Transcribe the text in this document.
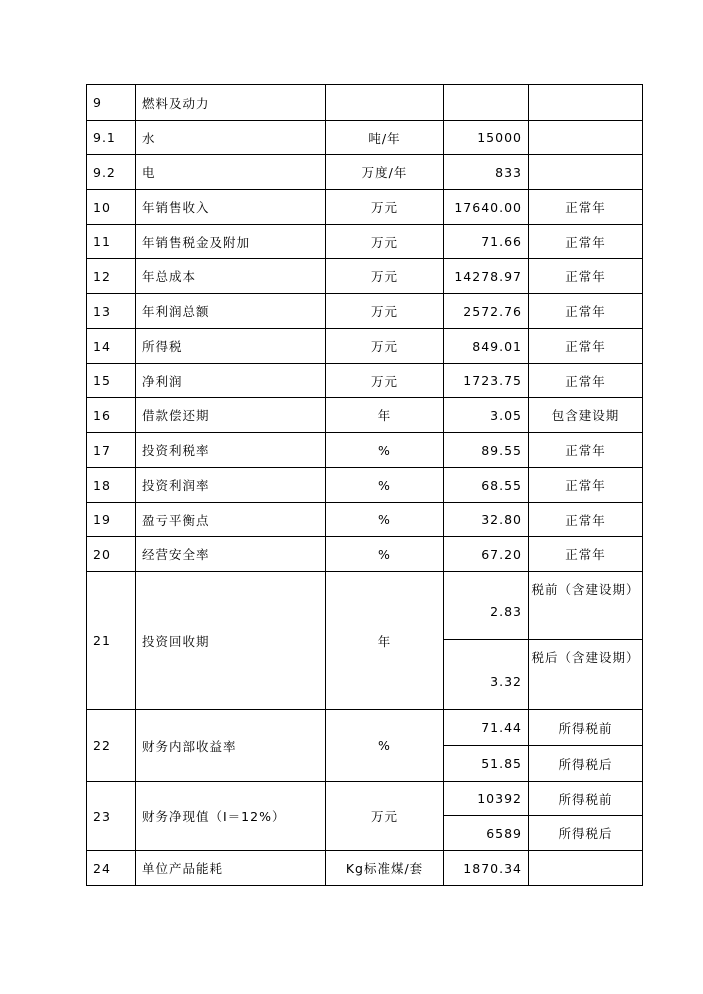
9	燃料及动力			
9.1	水	吨/年	15000	
9.2	电	万度/年	833	
10	年销售收入	万元	17640.00	正常年
11	年销售税金及附加	万元	71.66	正常年
12	年总成本	万元	14278.97	正常年
13	年利润总额	万元	2572.76	正常年
14	所得税	万元	849.01	正常年
15	净利润	万元	1723.75	正常年
16	借款偿还期	年	3.05	包含建设期
17	投资利税率	%	89.55	正常年
18	投资利润率	%	68.55	正常年
19	盈亏平衡点	%	32.80	正常年
20	经营安全率	%	67.20	正常年
21	投资回收期	年	2.83	税前（含建设期）
			3.32	税后（含建设期）
22	财务内部收益率	%	71.44	所得税前
			51.85	所得税后
23	财务净现值（I＝12%）	万元	10392	所得税前
			6589	所得税后
24	单位产品能耗	Kg标准煤/套	1870.34	
